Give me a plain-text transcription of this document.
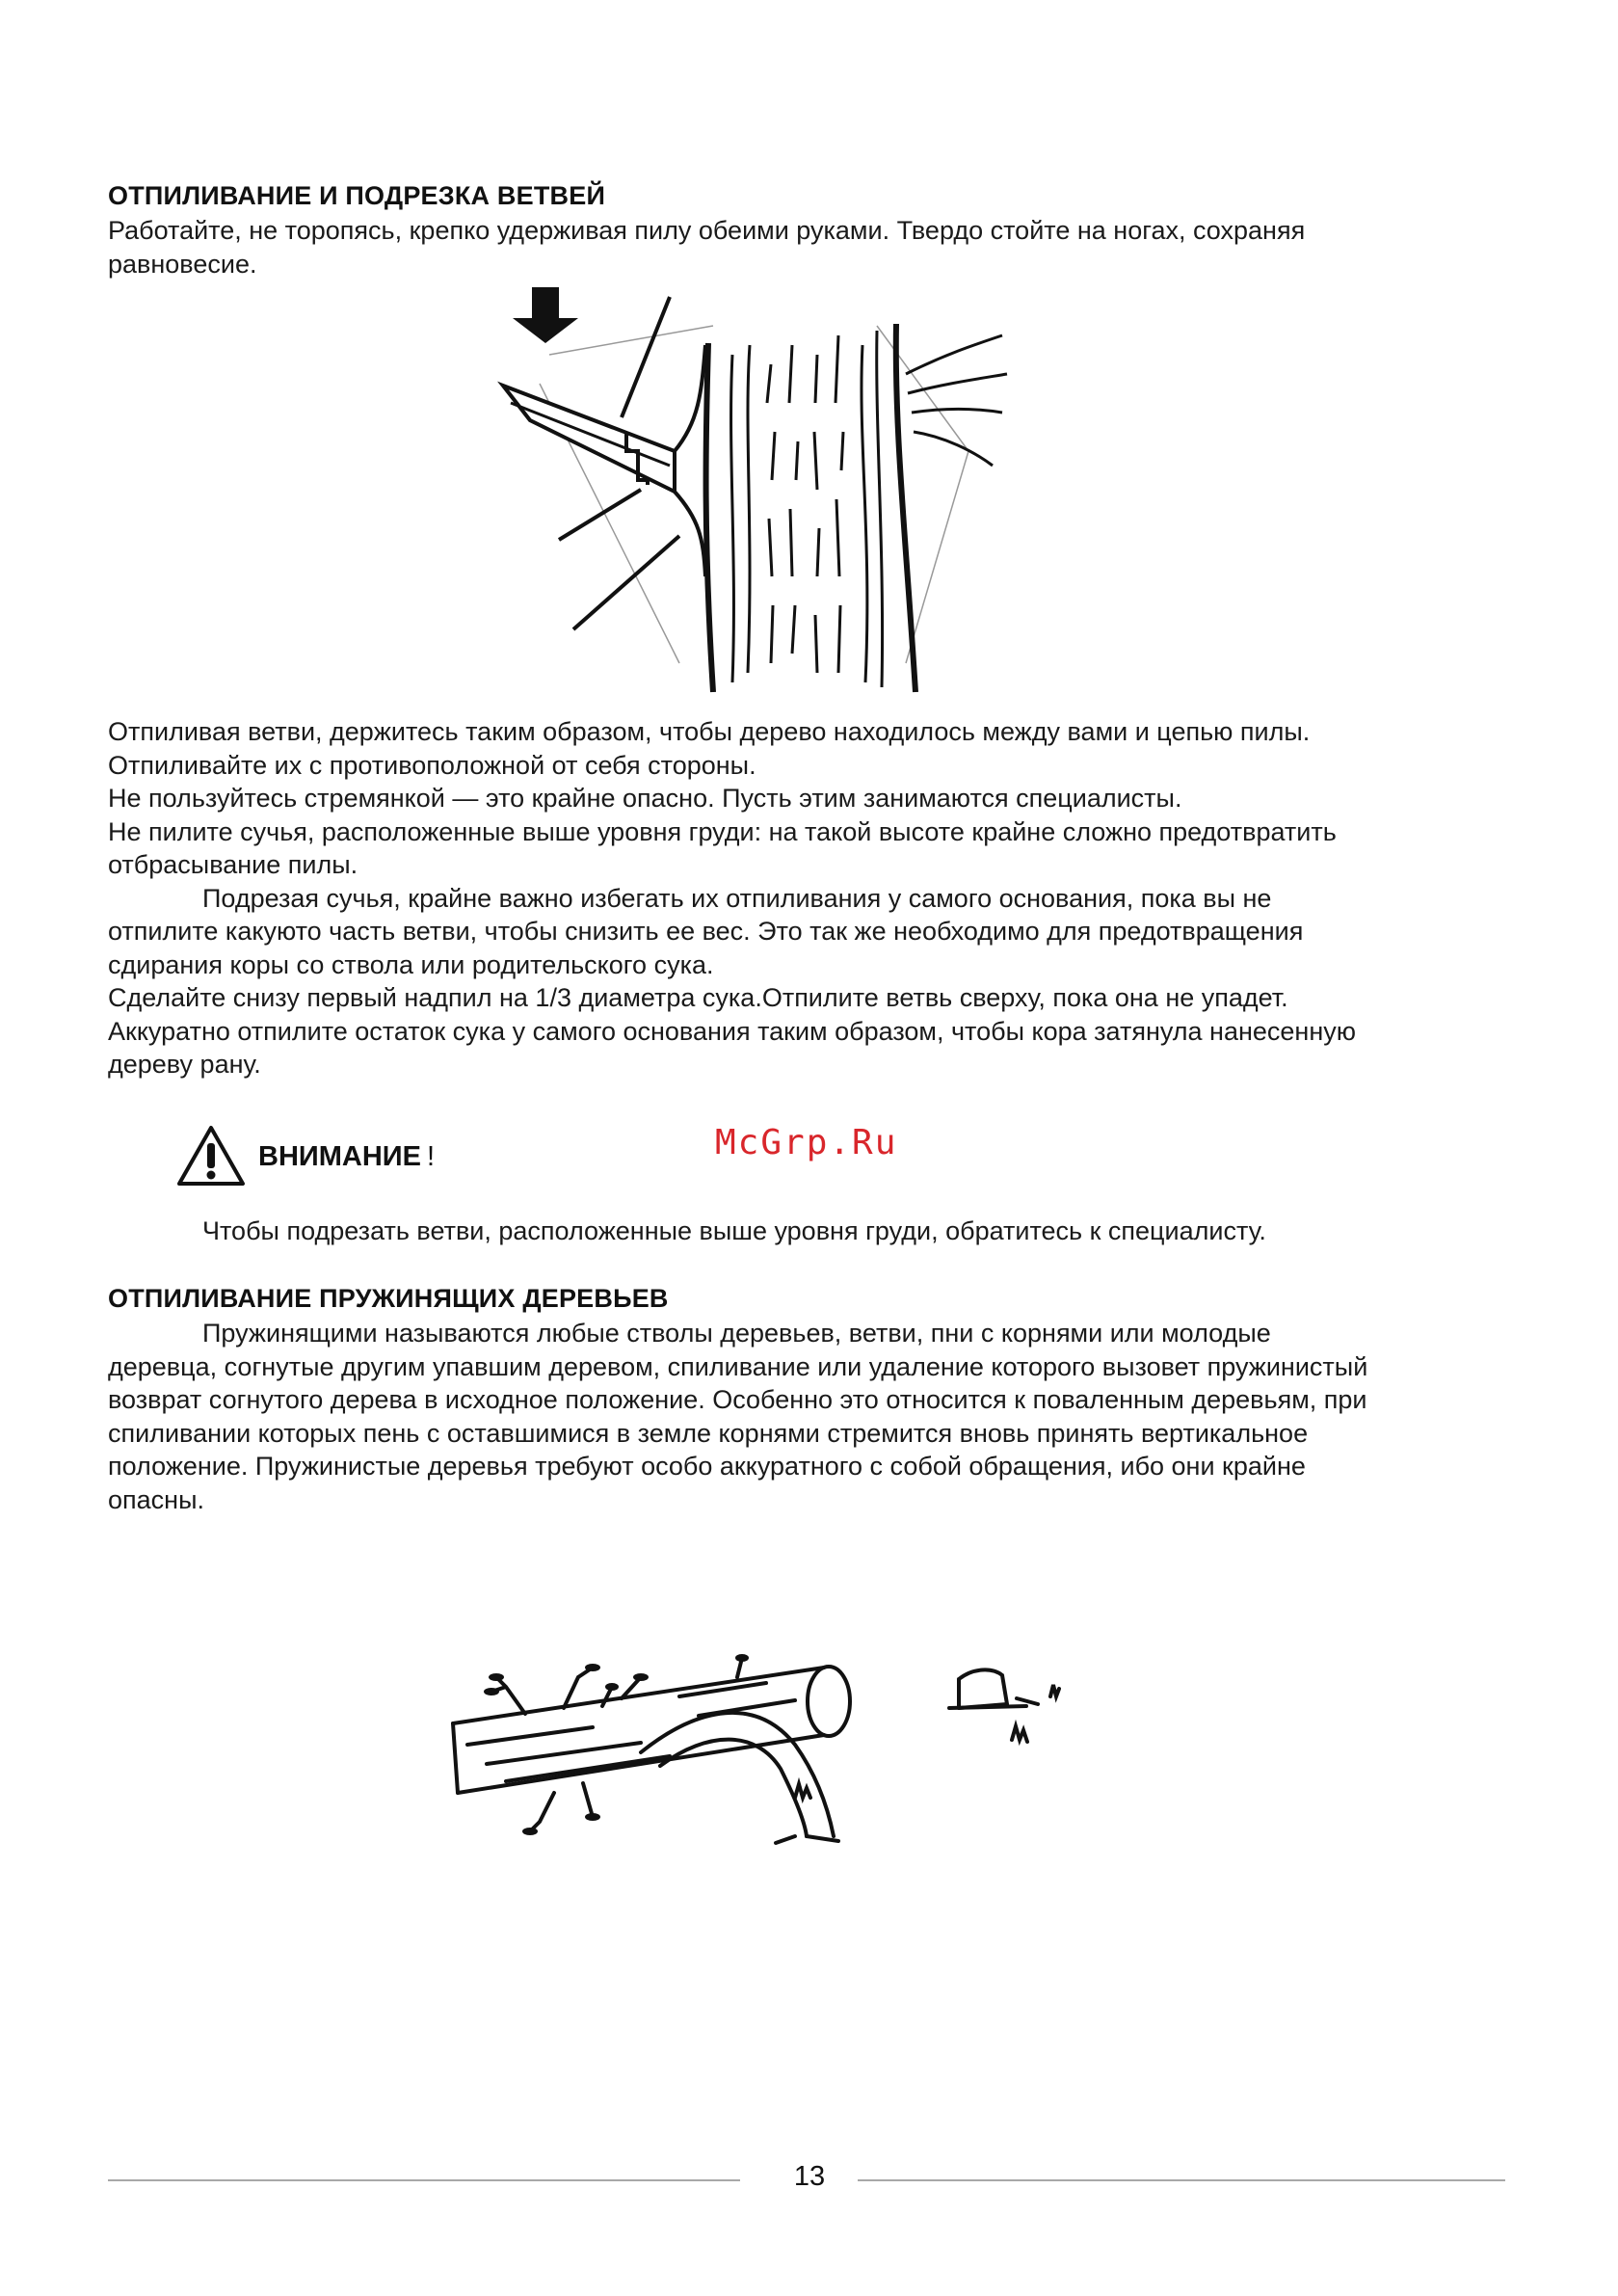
ОТПИЛИВАНИЕ И ПОДРЕЗКА ВЕТВЕЙ
Работайте, не торопясь, крепко удерживая пилу обеими руками. Твердо стойте на ногах, сохраняя
равновесие.
Отпиливая ветви, держитесь таким образом, чтобы дерево находилось между вами и цепью пилы.
Отпиливайте их с противоположной от себя стороны.
Не пользуйтесь стремянкой — это крайне опасно. Пусть этим занимаются специалисты.
Не пилите сучья, расположенные выше уровня груди: на такой высоте крайне сложно предотвратить
отбрасывание пилы.
Подрезая сучья, крайне важно избегать их отпиливания у самого основания, пока вы не
отпилите какуюто часть ветви, чтобы снизить ее вес. Это так же необходимо для предотвращения
сдирания коры со ствола или родительского сука.
Сделайте снизу первый надпил на 1/3 диаметра сука.Отпилите ветвь сверху, пока она не упадет.
Аккуратно отпилите остаток сука у самого основания таким образом, чтобы кора затянула нанесенную
дереву рану.
ВНИМАНИЕ !	McGrp.Ru
Чтобы подрезать ветви, расположенные выше уровня груди, обратитесь к специалисту.
ОТПИЛИВАНИЕ ПРУЖИНЯЩИХ ДЕРЕВЬЕВ
Пружинящими называются любые стволы деревьев, ветви, пни с корнями или молодые
деревца, согнутые другим упавшим деревом, спиливание или удаление которого вызовет пружинистый
возврат согнутого дерева в исходное положение. Особенно это относится к поваленным деревьям, при
спиливании которых пень с оставшимися в земле корнями стремится вновь принять вертикальное
положение. Пружинистые деревья требуют особо аккуратного с собой обращения, ибо они крайне
опасны.
13
